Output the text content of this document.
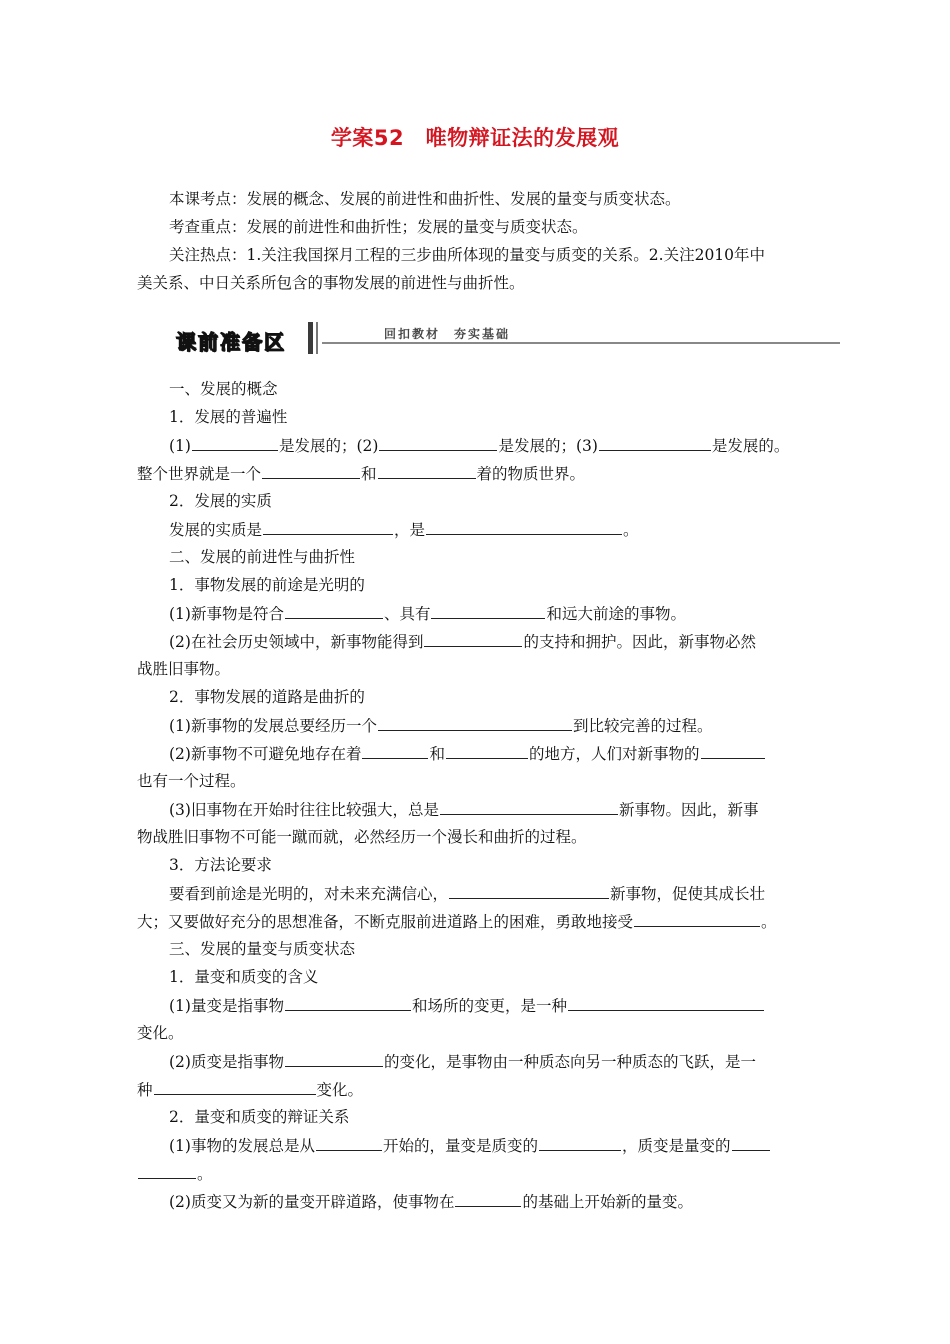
学案52　唯物辩证法的发展观
本课考点：发展的概念、发展的前进性和曲折性、发展的量变与质变状态。
考查重点：发展的前进性和曲折性；发展的量变与质变状态。
关注热点：1.关注我国探月工程的三步曲所体现的量变与质变的关系。2.关注2010年中
美关系、中日关系所包含的事物发展的前进性与曲折性。
课前准备区	回扣教材　夯实基础
一、发展的概念
1．发展的普遍性
(1)	是发展的；(2)	是发展的；(3)	是发展的。
整个世界就是一个	和	着的物质世界。
2．发展的实质
发展的实质是	，是	。
二、发展的前进性与曲折性
1．事物发展的前途是光明的
(1)新事物是符合	、具有	和远大前途的事物。
(2)在社会历史领域中，新事物能得到	的支持和拥护。因此，新事物必然
战胜旧事物。
2．事物发展的道路是曲折的
(1)新事物的发展总要经历一个	到比较完善的过程。
(2)新事物不可避免地存在着	和	的地方，人们对新事物的
也有一个过程。
(3)旧事物在开始时往往比较强大，总是	新事物。因此，新事
物战胜旧事物不可能一蹴而就，必然经历一个漫长和曲折的过程。
3．方法论要求
要看到前途是光明的，对未来充满信心，	新事物，促使其成长壮
大；又要做好充分的思想准备，不断克服前进道路上的困难，勇敢地接受	。
三、发展的量变与质变状态
1．量变和质变的含义
(1)量变是指事物	和场所的变更，是一种
变化。
(2)质变是指事物	的变化，是事物由一种质态向另一种质态的飞跃，是一
种	变化。
2．量变和质变的辩证关系
(1)事物的发展总是从	开始的，量变是质变的	，质变是量变的
。
(2)质变又为新的量变开辟道路，使事物在	的基础上开始新的量变。
